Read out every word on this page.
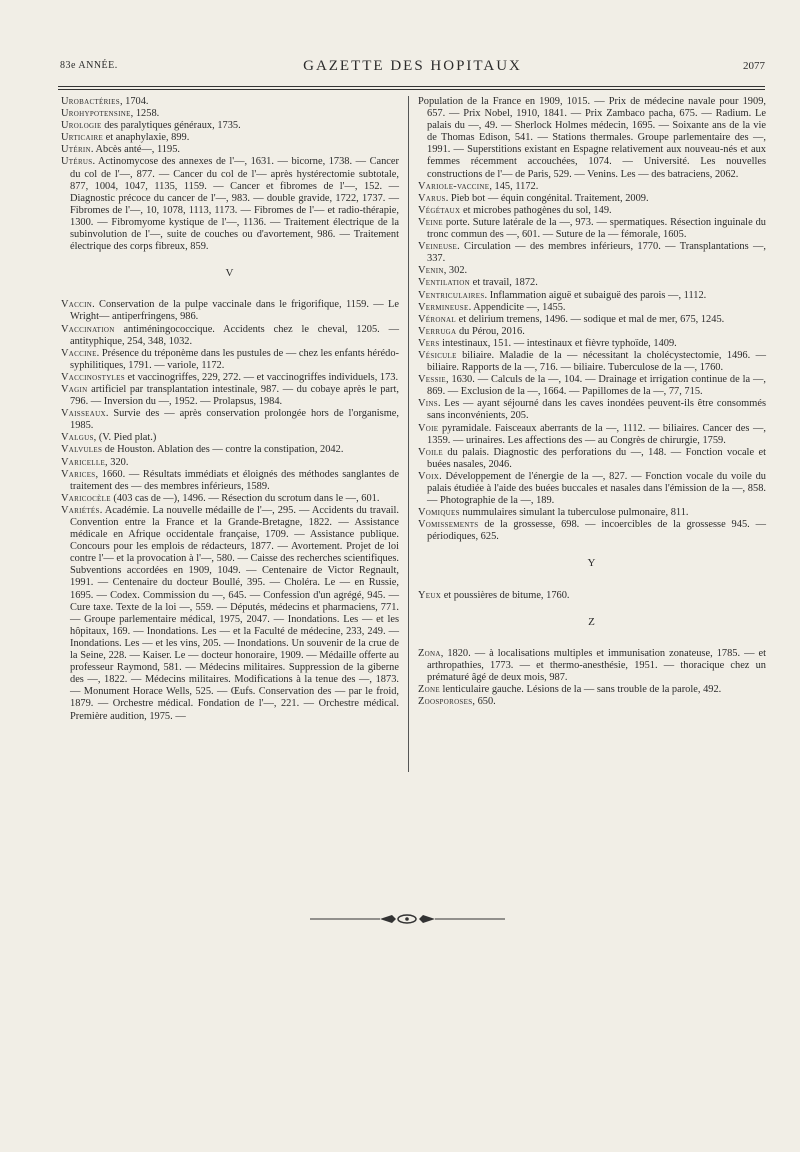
83e ANNÉE.	GAZETTE DES HOPITAUX	2077
Urobactéries, 1704.
Urohypotensine, 1258.
Urologie des paralytiques généraux, 1735.
Urticaire et anaphylaxie, 899.
Utérin. Abcès anté—, 1195.
Utérus. Actinomycose des annexes de l'—, 1631. — bicorne, 1738. — Cancer du col de l'—, 877. — Cancer du col de l'— après hystérectomie subtotale, 877, 1004, 1047, 1135, 1159. — Cancer et fibromes de l'—, 152. — Diagnostic précoce du cancer de l'—, 983. — double gravide, 1722, 1737. — Fibromes de l'—, 10, 1078, 1113, 1173. — Fibromes de l'— et radio-thérapie, 1300. — Fibromyome kystique de l'—, 1136. — Traitement électrique de la subinvolution de l'—, suite de couches ou d'avortement, 986. — Traitement électrique des corps fibreux, 859.
V
Vaccin. Conservation de la pulpe vaccinale dans le frigorifique, 1159. — Le Wright— antiperfringens, 986.
Vaccination antiméningococcique. Accidents chez le cheval, 1205. — antityphique, 254, 348, 1032.
Vaccine. Présence du tréponème dans les pustules de — chez les enfants hérédo-syphilitiques, 1791. — variole, 1172.
Vaccinostyles et vaccinogriffes, 229, 272. — et vaccinogriffes individuels, 173.
Vagin artificiel par transplantation intestinale, 987. — du cobaye après le part, 796. — Inversion du —, 1952. — Prolapsus, 1984.
Vaisseaux. Survie des — après conservation prolongée hors de l'organisme, 1985.
Valgus, (V. Pied plat.)
Valvules de Houston. Ablation des — contre la constipation, 2042.
Varicelle, 320.
Varices, 1660. — Résultats immédiats et éloignés des méthodes sanglantes de traitement des — des membres inférieurs, 1589.
Varicocèle (403 cas de —), 1496. — Résection du scrotum dans le —, 601.
Variétés. Académie. La nouvelle médaille de l'—, 295. — Accidents du travail. Convention entre la France et la Grande-Bretagne, 1822. — Assistance médicale en Afrique occidentale française, 1709. — Assistance publique. Concours pour les emplois de rédacteurs, 1877. — Avortement. Projet de loi contre l'— et la provocation à l'—, 580. — Caisse des recherches scientifiques. Subventions accordées en 1909, 1049. — Centenaire de Victor Regnault, 1991. — Centenaire du docteur Boullé, 395. — Choléra. Le — en Russie, 1695. — Codex. Commission du —, 645. — Confession d'un agrégé, 945. — Cure taxe. Texte de la loi —, 559. — Députés, médecins et pharmaciens, 771. — Groupe parlementaire médical, 1975, 2047. — Inondations. Les — et les hôpitaux, 169. — Inondations. Les — et la Faculté de médecine, 233, 249. — Inondations. Les — et les vins, 205. — Inondations. Un souvenir de la crue de la Seine, 228. — Kaiser. Le — docteur honoraire, 1909. — Médaille offerte au professeur Raymond, 581. — Médecins militaires. Suppression de la giberne des —, 1822. — Médecins militaires. Modifications à la tenue des —, 1873. — Monument Horace Wells, 525. — Œufs. Conservation des — par le froid, 1879. — Orchestre médical. Fondation de l'—, 221. — Orchestre médical. Première audition, 1975. —
Population de la France en 1909, 1015. — Prix de médecine navale pour 1909, 657. — Prix Nobel, 1910, 1841. — Prix Zambaco pacha, 675. — Radium. Le palais du —, 49. — Sherlock Holmes médecin, 1695. — Soixante ans de la vie de Thomas Edison, 541. — Stations thermales. Groupe parlementaire des —, 1991. — Superstitions existant en Espagne relativement aux nouveau-nés et aux femmes récemment accouchées, 1074. — Université. Les nouvelles constructions de l'— de Paris, 529. — Venins. Les — des batraciens, 2062.
Variole-vaccine, 145, 1172.
Varus. Pieb bot — équin congénital. Traitement, 2009.
Végétaux et microbes pathogènes du sol, 149.
Veine porte. Suture latérale de la —, 973. — spermatiques. Résection inguinale du tronc commun des —, 601. — Suture de la — fémorale, 1605.
Veineuse. Circulation — des membres inférieurs, 1770. — Transplantations —, 337.
Venin, 302.
Ventilation et travail, 1872.
Ventriculaires. Inflammation aiguë et subaiguë des parois —, 1112.
Vermineuse. Appendicite —, 1455.
Véronal et delirium tremens, 1496. — sodique et mal de mer, 675, 1245.
Verruga du Pérou, 2016.
Vers intestinaux, 151. — intestinaux et fièvre typhoïde, 1409.
Vésicule biliaire. Maladie de la — nécessitant la cholécystectomie, 1496. — biliaire. Rapports de la —, 716. — biliaire. Tuberculose de la —, 1760.
Vessie, 1630. — Calculs de la —, 104. — Drainage et irrigation continue de la —, 869. — Exclusion de la —, 1664. — Papillomes de la —, 77, 715.
Vins. Les — ayant séjourné dans les caves inondées peuvent-ils être consommés sans inconvénients, 205.
Voie pyramidale. Faisceaux aberrants de la —, 1112. — biliaires. Cancer des —, 1359. — urinaires. Les affections des — au Congrès de chirurgie, 1759.
Voile du palais. Diagnostic des perforations du —, 148. — Fonction vocale et buées nasales, 2046.
Voix. Développement de l'énergie de la —, 827. — Fonction vocale du voile du palais étudiée à l'aide des buées buccales et nasales dans l'émission de la —, 858. — Photographie de la —, 189.
Vomiques nummulaires simulant la tuberculose pulmonaire, 811.
Vomissements de la grossesse, 698. — incoercibles de la grossesse 945. — périodiques, 625.
Y
Yeux et poussières de bitume, 1760.
Z
Zona, 1820. — à localisations multiples et immunisation zonateuse, 1785. — et arthropathies, 1773. — et thermo-anesthésie, 1951. — thoracique chez un prématuré âgé de deux mois, 987.
Zone lenticulaire gauche. Lésions de la — sans trouble de la parole, 492.
Zoosporoses, 650.
